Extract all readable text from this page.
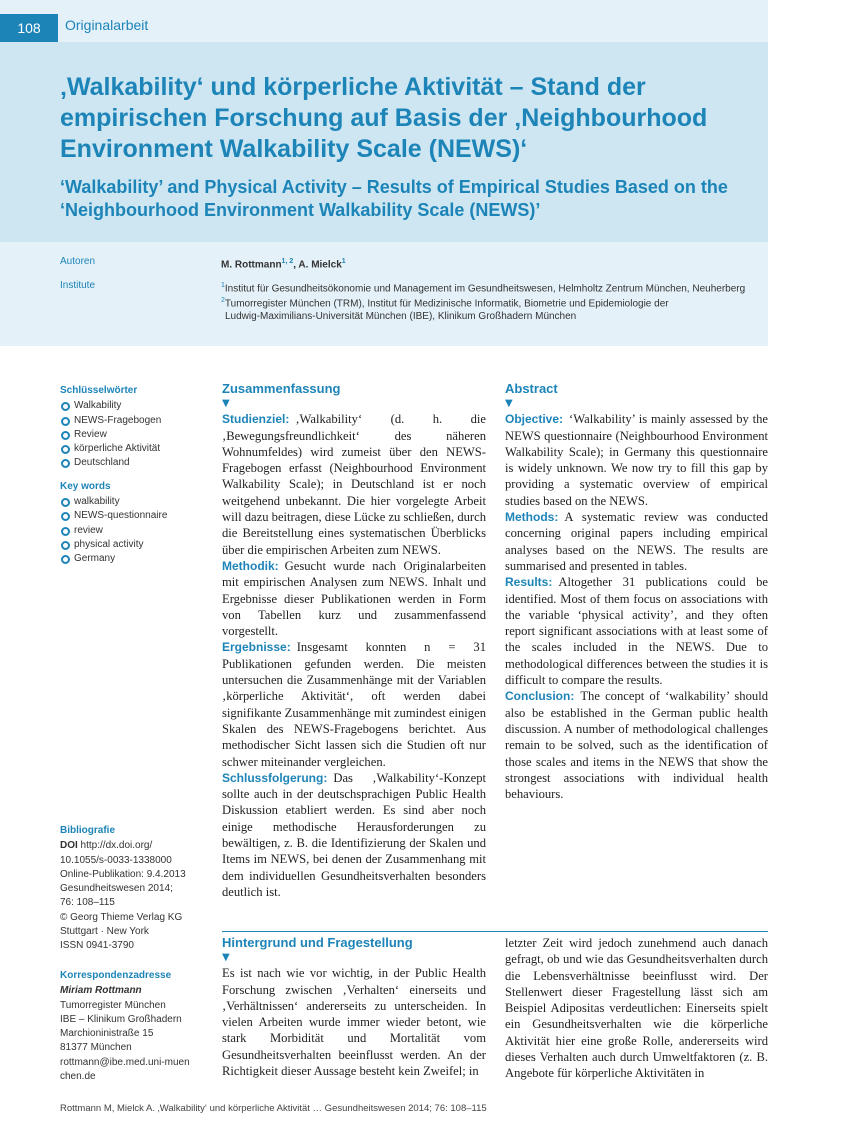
108	Originalarbeit
‚Walkability‘ und körperliche Aktivität – Stand der empirischen Forschung auf Basis der ‚Neighbourhood Environment Walkability Scale (NEWS)‘
‘Walkability’ and Physical Activity – Results of Empirical Studies Based on the ‘Neighbourhood Environment Walkability Scale (NEWS)’
Autoren	M. Rottmann$^{1, 2}$, A. Mielck$^1$
Institute	$^1$Institut für Gesundheitsökonomie und Management im Gesundheitswesen, Helmholtz Zentrum München, Neuherberg
$^2$Tumorregister München (TRM), Institut für Medizinische Informatik, Biometrie und Epidemiologie der
Ludwig-Maximilians-Universität München (IBE), Klinikum Großhadern München
Schlüsselwörter
Walkability
NEWS-Fragebogen
Review
körperliche Aktivität
Deutschland
Key words
walkability
NEWS-questionnaire
review
physical activity
Germany
Bibliografie
DOI http://dx.doi.org/
10.1055/s-0033-1338000
Online-Publikation: 9.4.2013
Gesundheitswesen 2014;
76: 108–115
© Georg Thieme Verlag KG
Stuttgart · New York
ISSN 0941-3790
Korrespondenzadresse
Miriam Rottmann
Tumorregister München
IBE – Klinikum Großhadern
Marchioninistraße 15
81377 München
rottmann@ibe.med.uni-muen
chen.de
Zusammenfassung
▼

Studienziel: ‚Walkability‘ (d. h. die ‚Bewegungsfreundlichkeit‘ des näheren Wohnumfeldes) wird zumeist über den NEWS-Fragebogen erfasst (Neighbourhood Environment Walkability Scale); in Deutschland ist er noch weitgehend unbekannt. Die hier vorgelegte Arbeit will dazu beitragen, diese Lücke zu schließen, durch die Bereitstellung eines systematischen Überblicks über die empirischen Arbeiten zum NEWS.

Methodik: Gesucht wurde nach Originalarbeiten mit empirischen Analysen zum NEWS. Inhalt und Ergebnisse dieser Publikationen werden in Form von Tabellen kurz und zusammenfassend vorgestellt.

Ergebnisse: Insgesamt konnten n = 31 Publikationen gefunden werden. Die meisten untersuchen die Zusammenhänge mit der Variablen ‚körperliche Aktivität‘, oft werden dabei signifikante Zusammenhänge mit zumindest einigen Skalen des NEWS-Fragebogens berichtet. Aus methodischer Sicht lassen sich die Studien oft nur schwer miteinander vergleichen.

Schlussfolgerung: Das ‚Walkability‘-Konzept sollte auch in der deutschsprachigen Public Health Diskussion etabliert werden. Es sind aber noch einige methodische Herausforderungen zu bewältigen, z. B. die Identifizierung der Skalen und Items im NEWS, bei denen der Zusammenhang mit dem individuellen Gesundheitsverhalten besonders deutlich ist.

Abstract
▼

Objective: ‘Walkability’ is mainly assessed by the NEWS questionnaire (Neighbourhood Environment Walkability Scale); in Germany this questionnaire is widely unknown. We now try to fill this gap by providing a systematic overview of empirical studies based on the NEWS.

Methods: A systematic review was conducted concerning original papers including empirical analyses based on the NEWS. The results are summarised and presented in tables.

Results: Altogether 31 publications could be identified. Most of them focus on associations with the variable ‘physical activity’, and they often report significant associations with at least some of the scales included in the NEWS. Due to methodological differences between the studies it is difficult to compare the results.

Conclusion: The concept of ‘walkability’ should also be established in the German public health discussion. A number of methodological challenges remain to be solved, such as the identification of those scales and items in the NEWS that show the strongest associations with individual health behaviours.

Hintergrund und Fragestellung
▼

Es ist nach wie vor wichtig, in der Public Health Forschung zwischen ‚Verhalten‘ einerseits und ‚Verhältnissen‘ andererseits zu unterscheiden. In vielen Arbeiten wurde immer wieder betont, wie stark Morbidität und Mortalität vom Gesundheitsverhalten beeinflusst werden. An der Richtigkeit dieser Aussage besteht kein Zweifel; in

letzter Zeit wird jedoch zunehmend auch danach gefragt, ob und wie das Gesundheitsverhalten durch die Lebensverhältnisse beeinflusst wird. Der Stellenwert dieser Fragestellung lässt sich am Beispiel Adipositas verdeutlichen: Einerseits spielt ein Gesundheitsverhalten wie die körperliche Aktivität hier eine große Rolle, andererseits wird dieses Verhalten auch durch Umweltfaktoren (z. B. Angebote für körperliche Aktivitäten in

Rottmann M, Mielck A. ‚Walkability‘ und körperliche Aktivität … Gesundheitswesen 2014; 76: 108–115
